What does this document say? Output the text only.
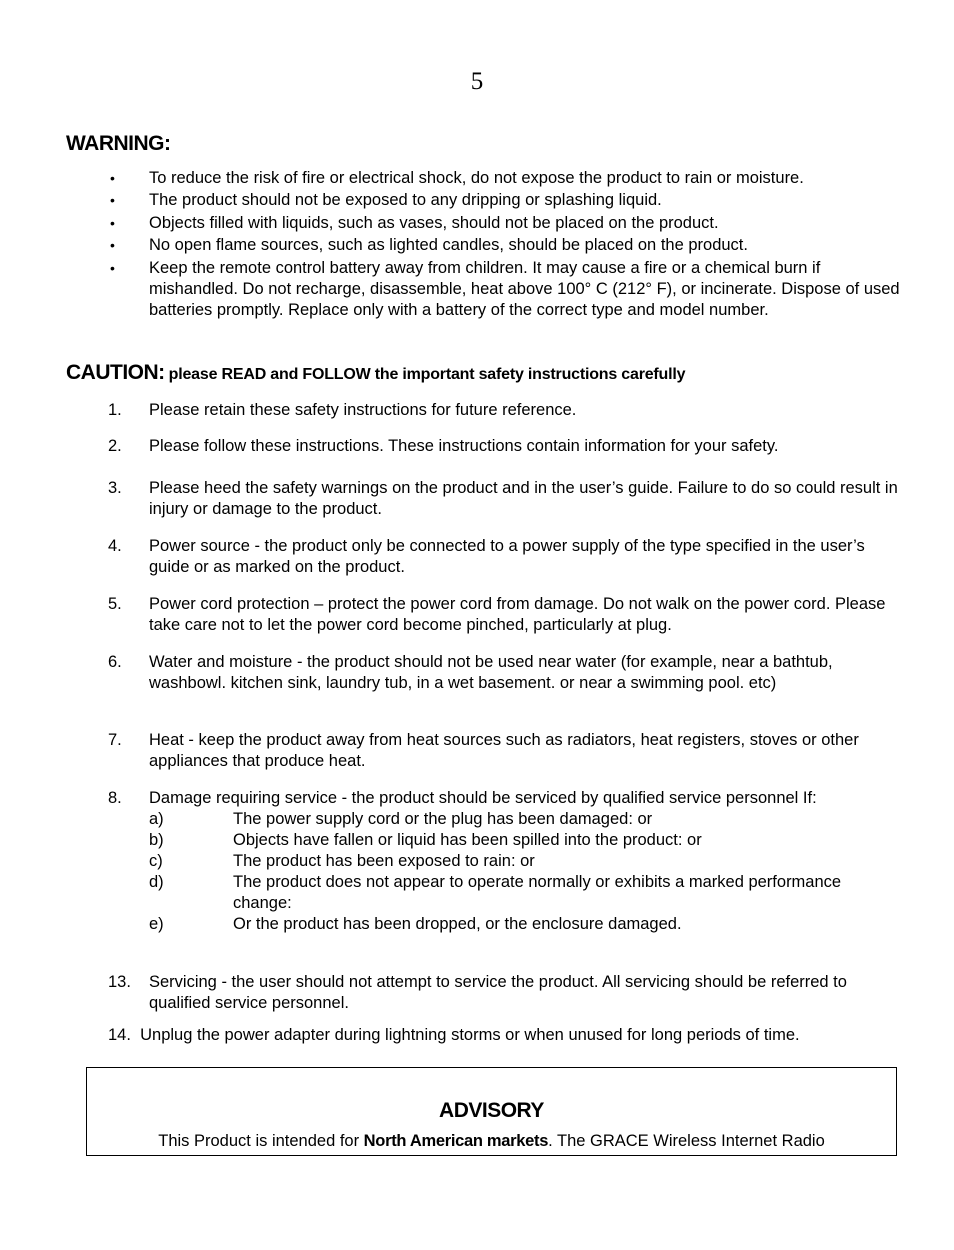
5
WARNING:
• To reduce the risk of fire or electrical shock, do not expose the product to rain or moisture.
• The product should not be exposed to any dripping or splashing liquid.
• Objects filled with liquids, such as vases, should not be placed on the product.
• No open flame sources, such as lighted candles, should be placed on the product.
• Keep the remote control battery away from children. It may cause a fire or a chemical burn if mishandled. Do not recharge, disassemble, heat above 100° C (212° F), or incinerate. Dispose of used batteries promptly. Replace only with a battery of the correct type and model number.
CAUTION: please READ and FOLLOW the important safety instructions carefully
1. Please retain these safety instructions for future reference.
2. Please follow these instructions. These instructions contain information for your safety.
3. Please heed the safety warnings on the product and in the user’s guide. Failure to do so could result in injury or damage to the product.
4. Power source - the product only be connected to a power supply of the type specified in the user’s guide or as marked on the product.
5. Power cord protection – protect the power cord from damage. Do not walk on the power cord. Please take care not to let the power cord become pinched, particularly at plug.
6. Water and moisture - the product should not be used near water (for example, near a bathtub, washbowl. kitchen sink, laundry tub, in a wet basement. or near a swimming pool. etc)
7. Heat - keep the product away from heat sources such as radiators, heat registers, stoves or other appliances that produce heat.
8. Damage requiring service - the product should be serviced by qualified service personnel If:
a)	The power supply cord or the plug has been damaged: or
b)	Objects have fallen or liquid has been spilled into the product: or
c)	The product has been exposed to rain: or
d)	The product does not appear to operate normally or exhibits a marked performance change:
e)	Or the product has been dropped, or the enclosure damaged.
13. Servicing - the user should not attempt to service the product. All servicing should be referred to qualified service personnel.
14. Unplug the power adapter during lightning storms or when unused for long periods of time.
ADVISORY
This Product is intended for North American markets. The GRACE Wireless Internet Radio
